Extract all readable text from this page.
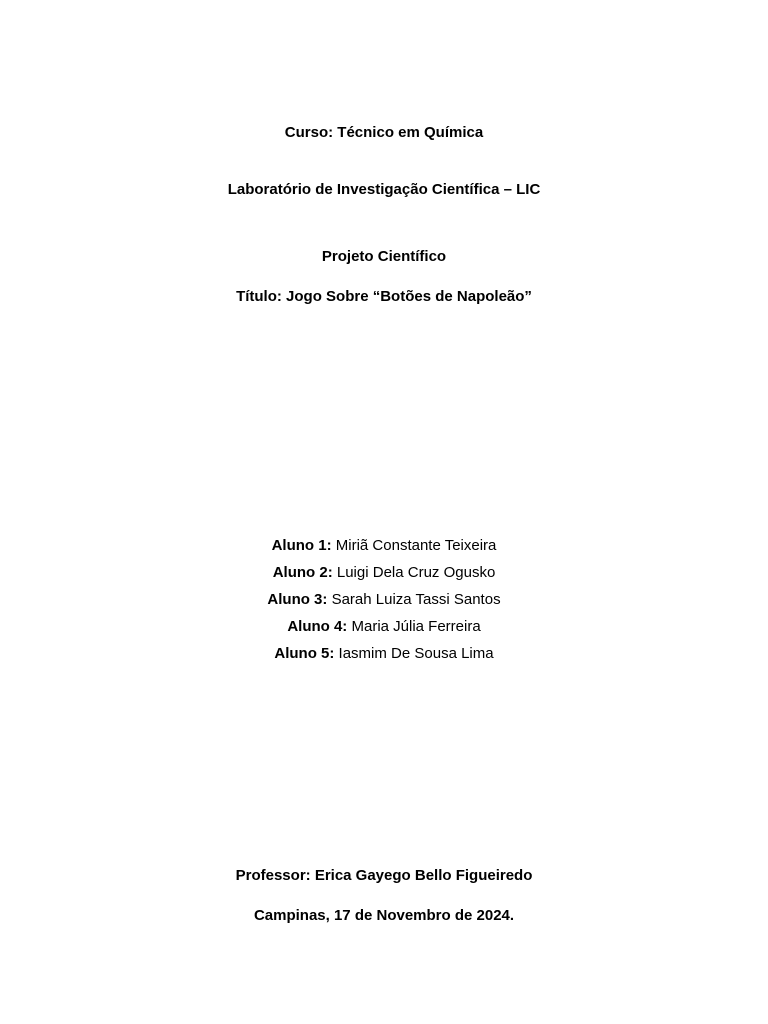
Curso: Técnico em Química
Laboratório de Investigação Científica – LIC
Projeto Científico
Título: Jogo Sobre “Botões de Napoleão”
Aluno 1: Miriã Constante Teixeira
Aluno 2: Luigi Dela Cruz Ogusko
Aluno 3: Sarah Luiza Tassi Santos
Aluno 4: Maria Júlia Ferreira
Aluno 5: Iasmim De Sousa Lima
Professor: Erica Gayego Bello Figueiredo
Campinas, 17 de Novembro de 2024.
